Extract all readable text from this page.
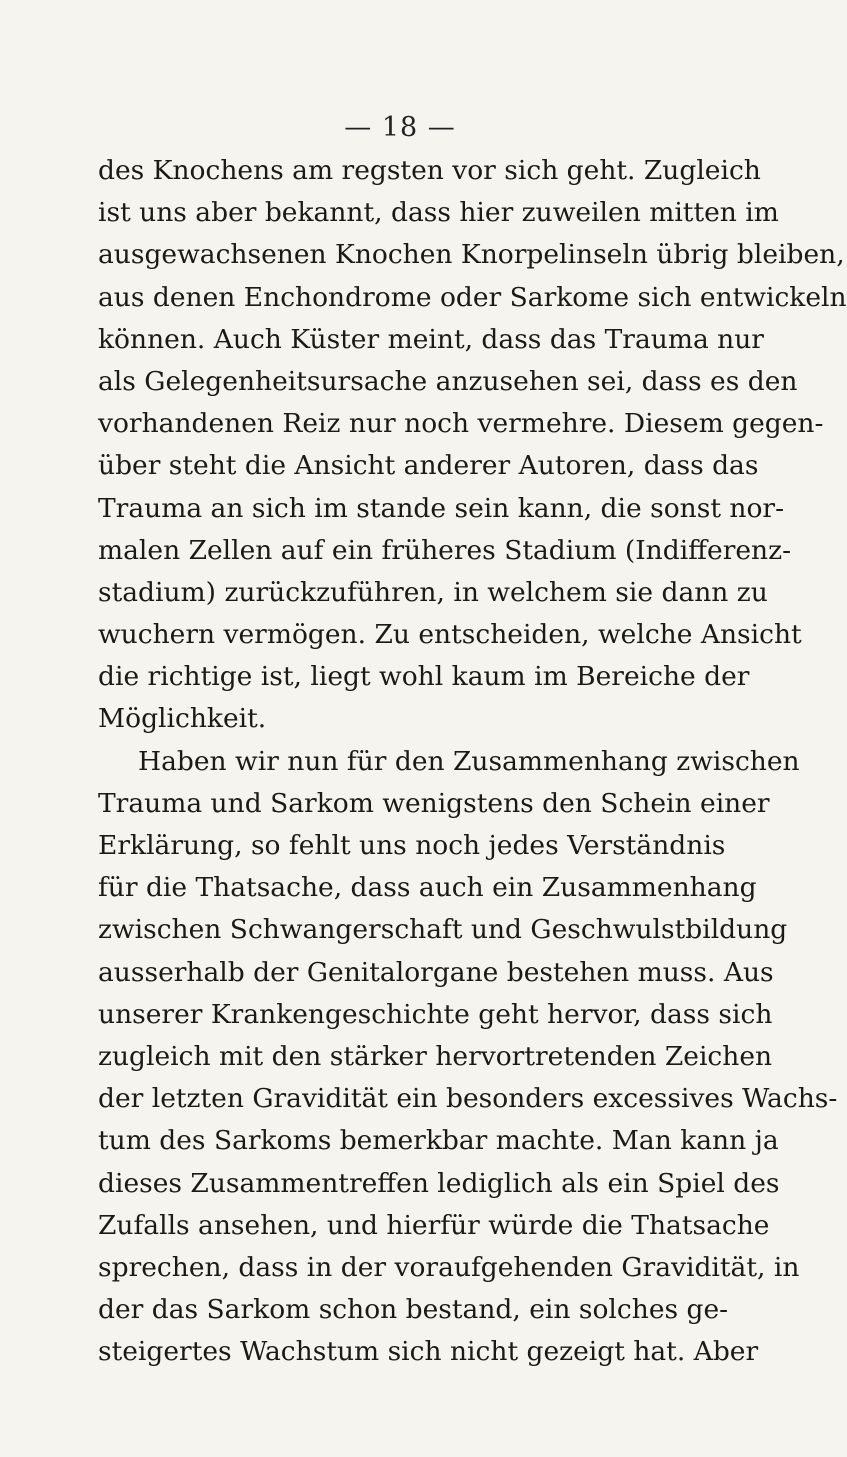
— 18 —
des Knochens am regsten vor sich geht. Zugleich
ist uns aber bekannt, dass hier zuweilen mitten im
ausgewachsenen Knochen Knorpelinseln übrig bleiben,
aus denen Enchondrome oder Sarkome sich entwickeln
können. Auch Küster meint, dass das Trauma nur
als Gelegenheitsursache anzusehen sei, dass es den
vorhandenen Reiz nur noch vermehre. Diesem gegen-
über steht die Ansicht anderer Autoren, dass das
Trauma an sich im stande sein kann, die sonst nor-
malen Zellen auf ein früheres Stadium (Indifferenz-
stadium) zurückzuführen, in welchem sie dann zu
wuchern vermögen. Zu entscheiden, welche Ansicht
die richtige ist, liegt wohl kaum im Bereiche der
Möglichkeit.
Haben wir nun für den Zusammenhang zwischen
Trauma und Sarkom wenigstens den Schein einer
Erklärung, so fehlt uns noch jedes Verständnis
für die Thatsache, dass auch ein Zusammenhang
zwischen Schwangerschaft und Geschwulstbildung
ausserhalb der Genitalorgane bestehen muss. Aus
unserer Krankengeschichte geht hervor, dass sich
zugleich mit den stärker hervortretenden Zeichen
der letzten Gravidität ein besonders excessives Wachs-
tum des Sarkoms bemerkbar machte. Man kann ja
dieses Zusammentreffen lediglich als ein Spiel des
Zufalls ansehen, und hierfür würde die Thatsache
sprechen, dass in der voraufgehenden Gravidität, in
der das Sarkom schon bestand, ein solches ge-
steigertes Wachstum sich nicht gezeigt hat. Aber
